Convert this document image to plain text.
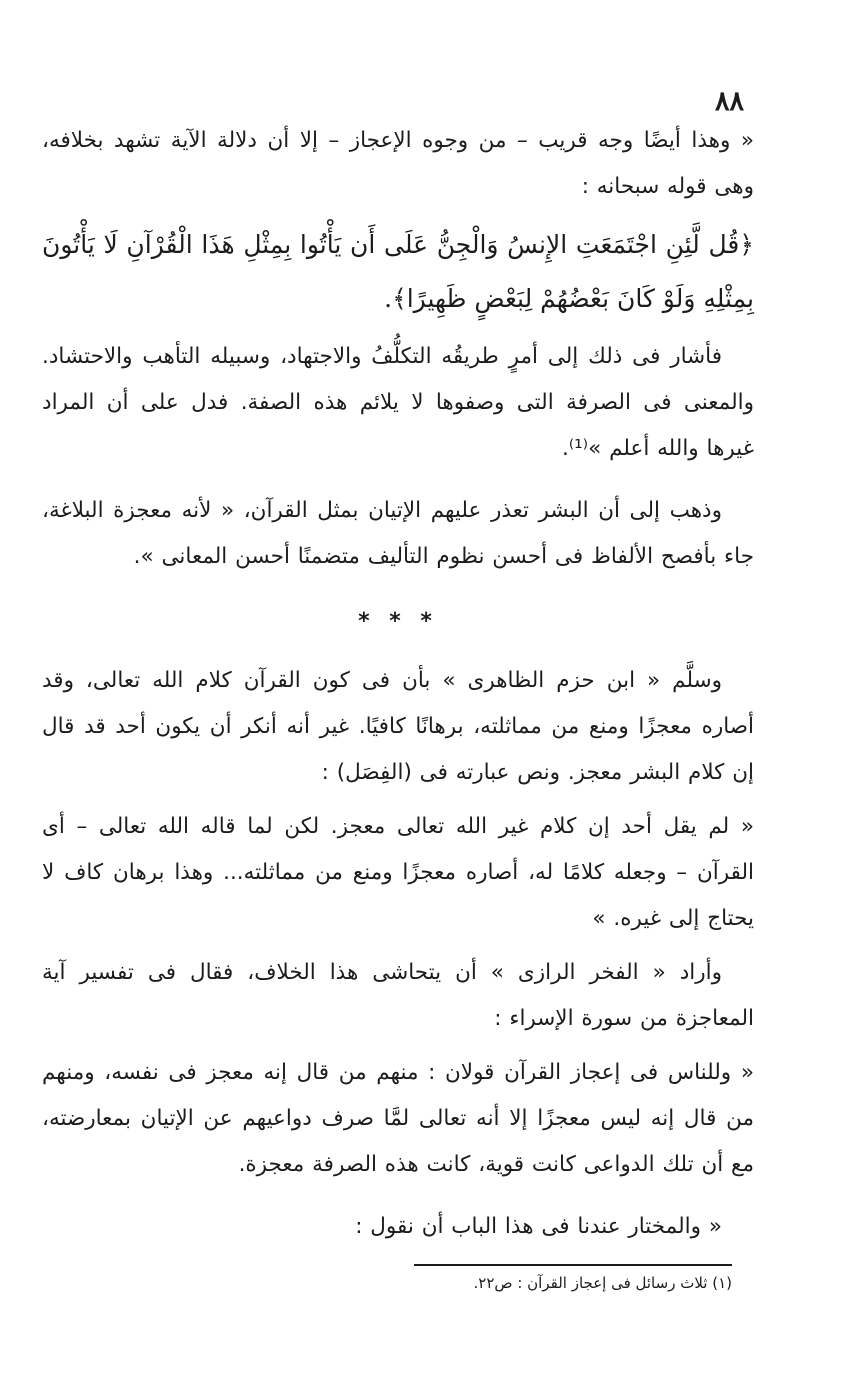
٨٨

« وهذا أيضًا وجه قريب – من وجوه الإعجاز – إلا أن دلالة الآية تشهد بخلافه، وهى قوله سبحانه :

﴿قُل لَّئِنِ اجْتَمَعَتِ الإِنسُ وَالْجِنُّ عَلَى أَن يَأْتُوا بِمِثْلِ هَذَا الْقُرْآنِ لَا يَأْتُونَ بِمِثْلِهِ وَلَوْ كَانَ بَعْضُهُمْ لِبَعْضٍ ظَهِيرًا﴾.

فأشار فى ذلك إلى أمرٍ طريقُه التكلُّفُ والاجتهاد، وسبيله التأهب والاحتشاد. والمعنى فى الصرفة التى وصفوها لا يلائم هذه الصفة. فدل على أن المراد غيرها والله أعلم »⁽¹⁾.

وذهب إلى أن البشر تعذر عليهم الإتيان بمثل القرآن، « لأنه معجزة البلاغة، جاء بأفصح الألفاظ فى أحسن نظوم التأليف متضمنًا أحسن المعانى ».

* * *

وسلَّم « ابن حزم الظاهرى » بأن فى كون القرآن كلام الله تعالى، وقد أصاره معجزًا ومنع من مماثلته، برهانًا كافيًا. غير أنه أنكر أن يكون أحد قد قال إن كلام البشر معجز. ونص عبارته فى (الفِصَل) :

« لم يقل أحد إن كلام غير الله تعالى معجز. لكن لما قاله الله تعالى – أى القرآن – وجعله كلامًا له، أصاره معجزًا ومنع من مماثلته... وهذا برهان كاف لا يحتاج إلى غيره. »

وأراد « الفخر الرازى » أن يتحاشى هذا الخلاف، فقال فى تفسير آية المعاجزة من سورة الإسراء :

« وللناس فى إعجاز القرآن قولان : منهم من قال إنه معجز فى نفسه، ومنهم من قال إنه ليس معجزًا إلا أنه تعالى لمَّا صرف دواعيهم عن الإتيان بمعارضته، مع أن تلك الدواعى كانت قوية، كانت هذه الصرفة معجزة.

« والمختار عندنا فى هذا الباب أن نقول :

(١) ثلاث رسائل فى إعجاز القرآن : ص٢٢.
